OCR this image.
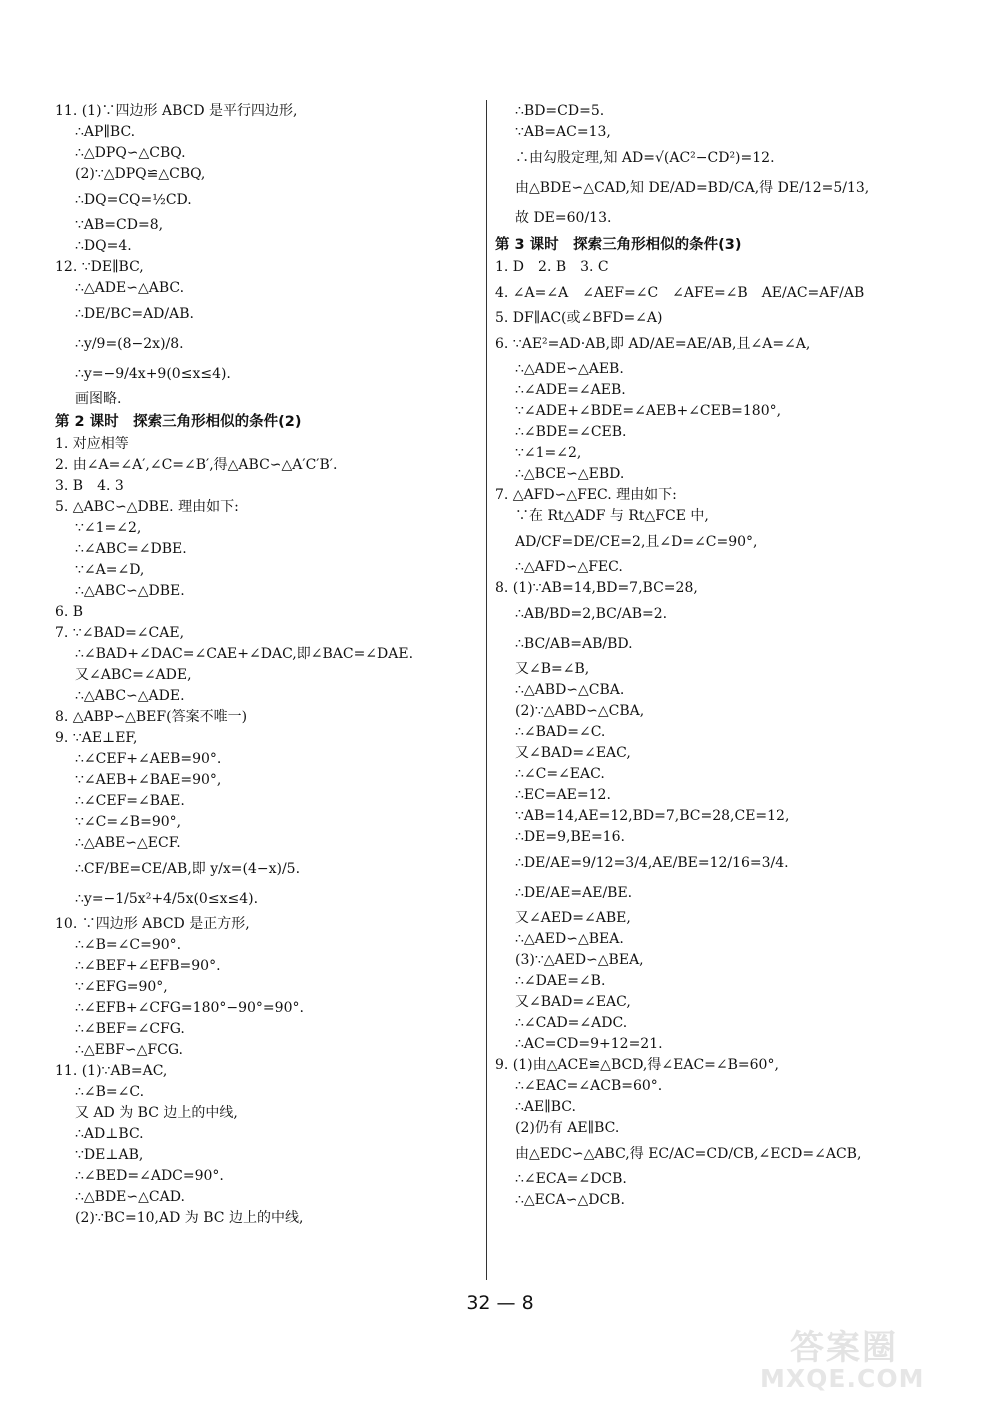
11. (1)∵四边形 ABCD 是平行四边形,
∴AP∥BC.
∴△DPQ∽△CBQ.
(2)∵△DPQ≌△CBQ,
∴DQ=CQ=½CD.
∵AB=CD=8,
∴DQ=4.
12. ∵DE∥BC,
∴△ADE∽△ABC.
∴DE/BC=AD/AB.
∴y/9=(8−2x)/8.
∴y=−9/4x+9(0≤x≤4).
画图略.
第 2 课时　探索三角形相似的条件(2)
1. 对应相等
2. 由∠A=∠A′,∠C=∠B′,得△ABC∽△A′C′B′.
3. B　4. 3
5. △ABC∽△DBE. 理由如下:
∵∠1=∠2,
∴∠ABC=∠DBE.
∵∠A=∠D,
∴△ABC∽△DBE.
6. B
7. ∵∠BAD=∠CAE,
∴∠BAD+∠DAC=∠CAE+∠DAC,即∠BAC=∠DAE.
又∠ABC=∠ADE,
∴△ABC∽△ADE.
8. △ABP∽△BEF(答案不唯一)
9. ∵AE⊥EF,
∴∠CEF+∠AEB=90°.
∵∠AEB+∠BAE=90°,
∴∠CEF=∠BAE.
∵∠C=∠B=90°,
∴△ABE∽△ECF.
∴CF/BE=CE/AB,即 y/x=(4−x)/5.
∴y=−1/5x²+4/5x(0≤x≤4).
10. ∵四边形 ABCD 是正方形,
∴∠B=∠C=90°.
∴∠BEF+∠EFB=90°.
∵∠EFG=90°,
∴∠EFB+∠CFG=180°−90°=90°.
∴∠BEF=∠CFG.
∴△EBF∽△FCG.
11. (1)∵AB=AC,
∴∠B=∠C.
又 AD 为 BC 边上的中线,
∴AD⊥BC.
∵DE⊥AB,
∴∠BED=∠ADC=90°.
∴△BDE∽△CAD.
(2)∵BC=10,AD 为 BC 边上的中线,
∴BD=CD=5.
∵AB=AC=13,
∴由勾股定理,知 AD=√(AC²−CD²)=12.
由△BDE∽△CAD,知 DE/AD=BD/CA,得 DE/12=5/13,
故 DE=60/13.
第 3 课时　探索三角形相似的条件(3)
1. D　2. B　3. C
4. ∠A=∠A　∠AEF=∠C　∠AFE=∠B　AE/AC=AF/AB
5. DF∥AC(或∠BFD=∠A)
6. ∵AE²=AD·AB,即 AD/AE=AE/AB,且∠A=∠A,
∴△ADE∽△AEB.
∴∠ADE=∠AEB.
∵∠ADE+∠BDE=∠AEB+∠CEB=180°,
∴∠BDE=∠CEB.
∵∠1=∠2,
∴△BCE∽△EBD.
7. △AFD∽△FEC. 理由如下:
∵在 Rt△ADF 与 Rt△FCE 中,
AD/CF=DE/CE=2,且∠D=∠C=90°,
∴△AFD∽△FEC.
8. (1)∵AB=14,BD=7,BC=28,
∴AB/BD=2,BC/AB=2.
∴BC/AB=AB/BD.
又∠B=∠B,
∴△ABD∽△CBA.
(2)∵△ABD∽△CBA,
∴∠BAD=∠C.
又∠BAD=∠EAC,
∴∠C=∠EAC.
∴EC=AE=12.
∵AB=14,AE=12,BD=7,BC=28,CE=12,
∴DE=9,BE=16.
∴DE/AE=9/12=3/4,AE/BE=12/16=3/4.
∴DE/AE=AE/BE.
又∠AED=∠ABE,
∴△AED∽△BEA.
(3)∵△AED∽△BEA,
∴∠DAE=∠B.
又∠BAD=∠EAC,
∴∠CAD=∠ADC.
∴AC=CD=9+12=21.
9. (1)由△ACE≌△BCD,得∠EAC=∠B=60°,
∴∠EAC=∠ACB=60°.
∴AE∥BC.
(2)仍有 AE∥BC.
由△EDC∽△ABC,得 EC/AC=CD/CB,∠ECD=∠ACB,
∴∠ECA=∠DCB.
∴△ECA∽△DCB.
32 — 8
答案圈
MXQE.COM
